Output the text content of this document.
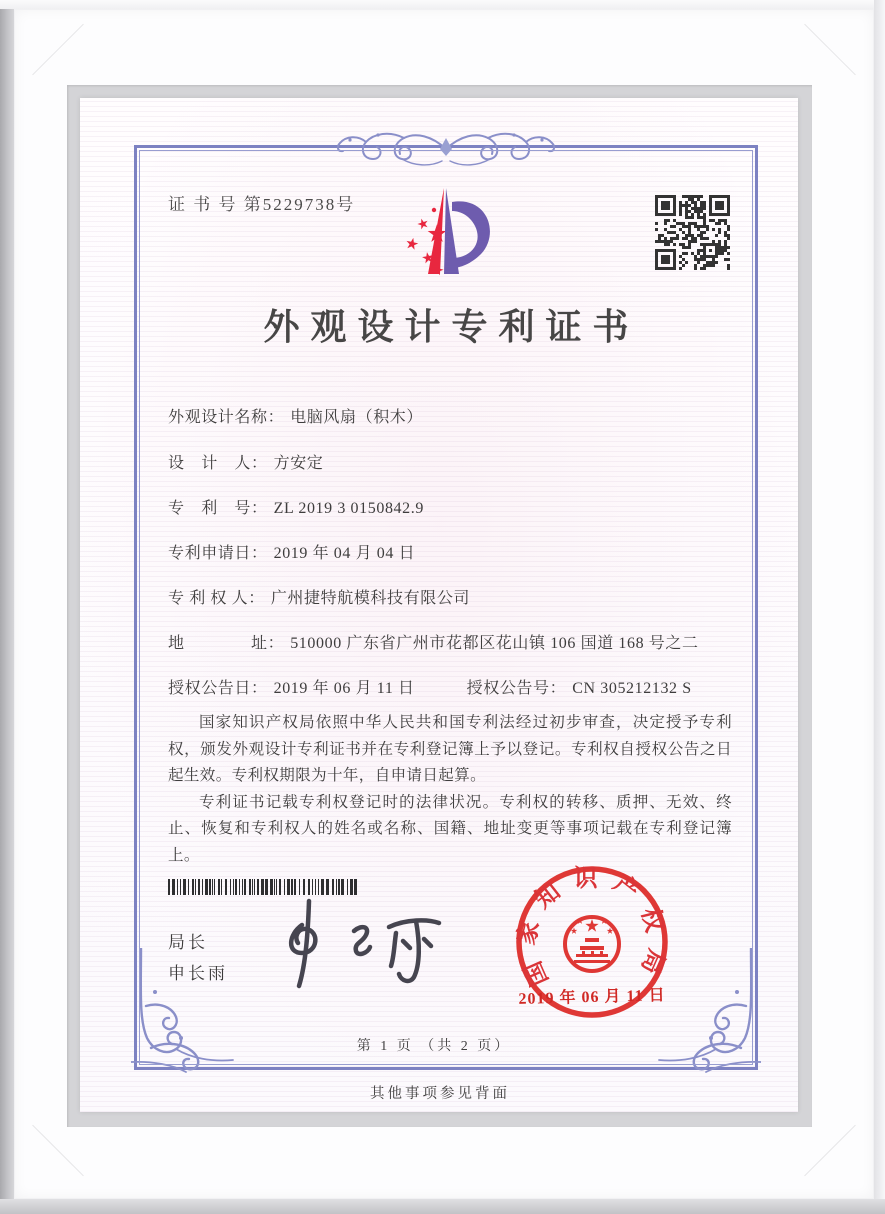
证 书 号 第5229738号
外观设计专利证书
外观设计名称： 电脑风扇（积木）
设　计　人： 方安定
专　利　号： ZL 2019 3 0150842.9
专利申请日： 2019 年 04 月 04 日
专 利 权 人： 广州捷特航模科技有限公司
地　　　　址： 510000 广东省广州市花都区花山镇 106 国道 168 号之二
授权公告日： 2019 年 06 月 11 日	授权公告号： CN 305212132 S

国家知识产权局依照中华人民共和国专利法经过初步审查，决定授予专利权，颁发外观设计专利证书并在专利登记簿上予以登记。专利权自授权公告之日起生效。专利权期限为十年，自申请日起算。

专利证书记载专利权登记时的法律状况。专利权的转移、质押、无效、终止、恢复和专利权人的姓名或名称、国籍、地址变更等事项记载在专利登记簿上。

局长
申长雨	国家知识产权局
2019 年 06 月 11 日
第 1 页 （共 2 页）
其他事项参见背面
